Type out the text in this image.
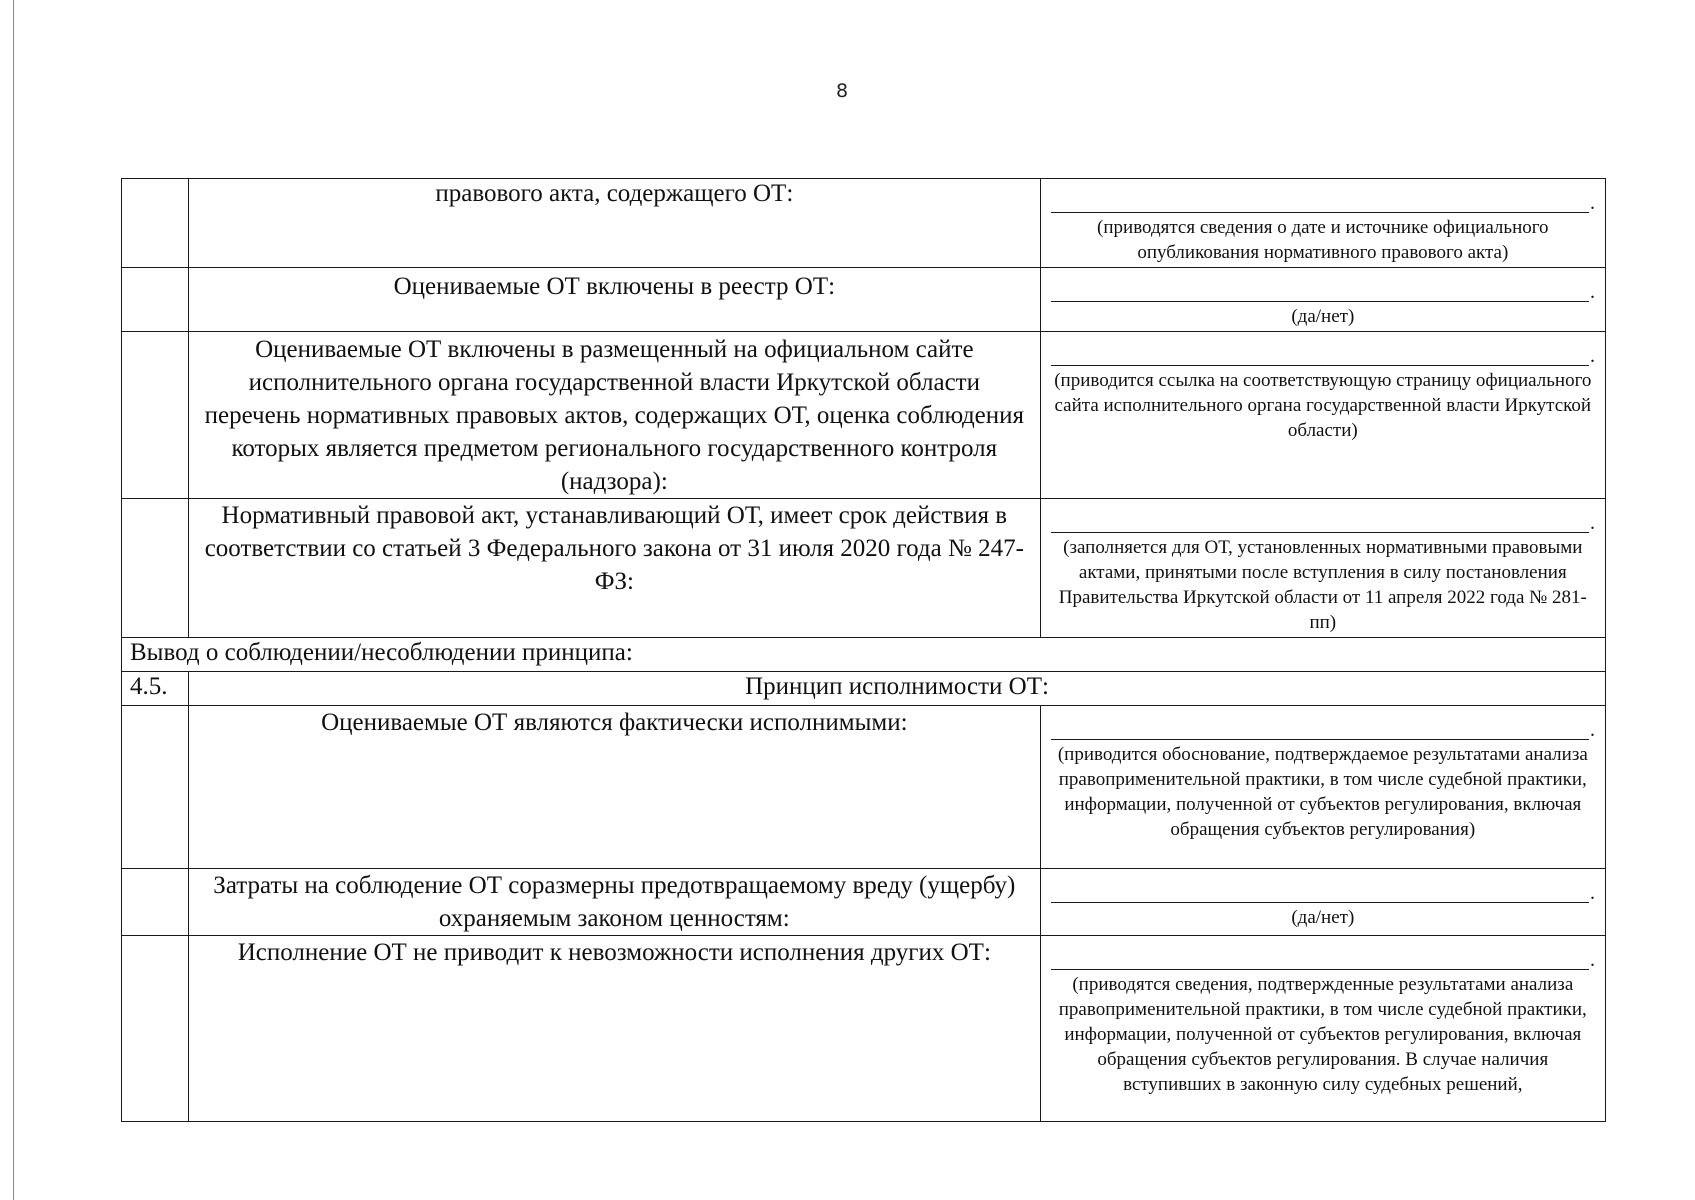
8

	правового акта, содержащего ОТ:	.
(приводятся сведения о дате и источнике официального опубликования нормативного правового акта)

	Оцениваемые ОТ включены в реестр ОТ:	.
(да/нет)

	Оцениваемые ОТ включены в размещенный на официальном сайте исполнительного органа государственной власти Иркутской области перечень нормативных правовых актов, содержащих ОТ, оценка соблюдения которых является предметом регионального государственного контроля (надзора):	.
(приводится ссылка на соответствующую страницу официального сайта исполнительного органа государственной власти Иркутской области)

	Нормативный правовой акт, устанавливающий ОТ, имеет срок действия в соответствии со статьей 3 Федерального закона от 31 июля 2020 года № 247-ФЗ:	.
(заполняется для ОТ, установленных нормативными правовыми актами, принятыми после вступления в силу постановления Правительства Иркутской области от 11 апреля 2022 года № 281-пп)

Вывод о соблюдении/несоблюдении принципа:		

4.5.	Принцип исполнимости ОТ:	

	Оцениваемые ОТ являются фактически исполнимыми:	.
(приводится обоснование, подтверждаемое результатами анализа правоприменительной практики, в том числе судебной практики, информации, полученной от субъектов регулирования, включая обращения субъектов регулирования)

	Затраты на соблюдение ОТ соразмерны предотвращаемому вреду (ущербу) охраняемым законом ценностям:	.
(да/нет)

	Исполнение ОТ не приводит к невозможности исполнения других ОТ:	.
(приводятся сведения, подтвержденные результатами анализа правоприменительной практики, в том числе судебной практики, информации, полученной от субъектов регулирования, включая обращения субъектов регулирования. В случае наличия вступивших в законную силу судебных решений,
